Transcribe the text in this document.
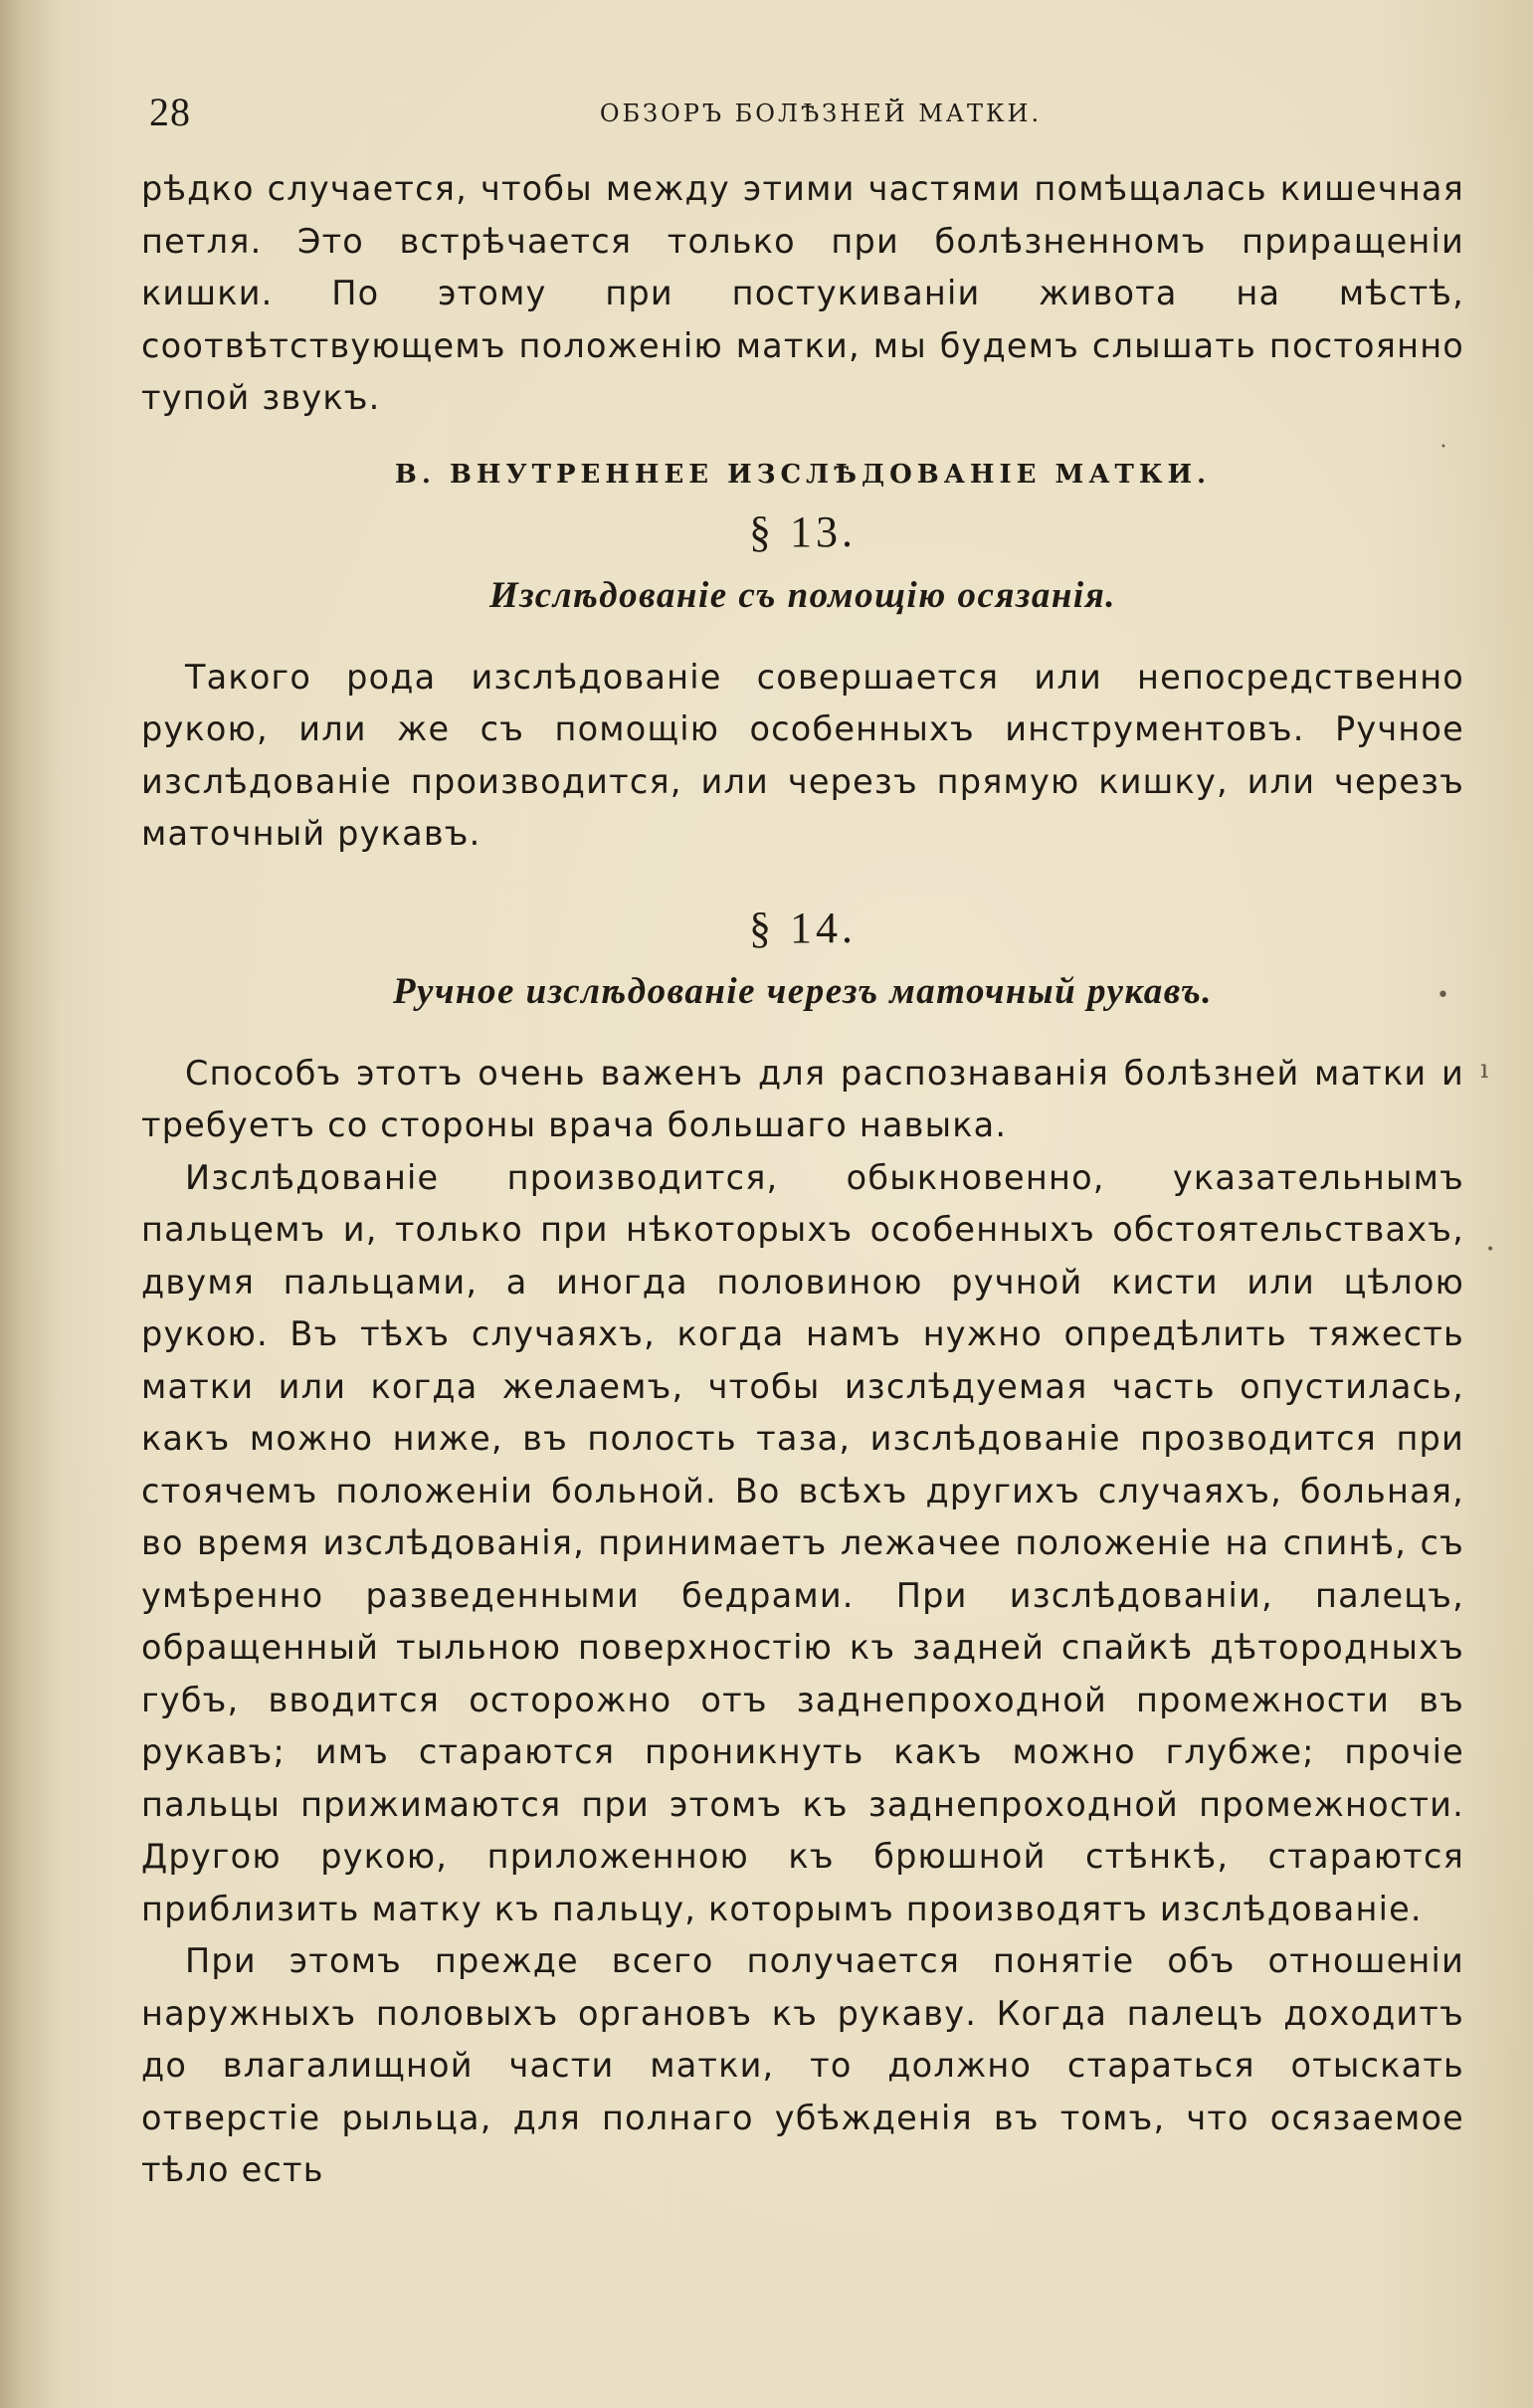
28	ОБЗОРЪ БОЛѢЗНЕЙ МАТКИ.

рѣдко случается, чтобы между этими частями помѣщалась кишечная петля. Это встрѣчается только при болѣзненномъ приращенiи кишки. По этому при постукиванiи живота на мѣстѣ, соотвѣтствующемъ положенiю матки, мы будемъ слышать постоянно тупой звукъ.

В. ВНУТРЕННЕЕ ИЗСЛѢДОВАНIЕ МАТКИ.

§ 13.

Изслѣдованiе съ помощiю осязанiя.

Такого рода изслѣдованiе совершается или непосредственно рукою, или же съ помощiю особенныхъ инструментовъ. Ручное изслѣдованiе производится, или черезъ прямую кишку, или черезъ маточный рукавъ.

§ 14.

Ручное изслѣдованiе черезъ маточный рукавъ.

Способъ этотъ очень важенъ для распознаванiя болѣзней матки и требуетъ со стороны врача большаго навыка.

Изслѣдованiе производится, обыкновенно, указательнымъ пальцемъ и, только при нѣкоторыхъ особенныхъ обстоятельствахъ, двумя пальцами, а иногда половиною ручной кисти или цѣлою рукою. Въ тѣхъ случаяхъ, когда намъ нужно опредѣлить тяжесть матки или когда желаемъ, чтобы изслѣдуемая часть опустилась, какъ можно ниже, въ полость таза, изслѣдованiе прозводится при стоячемъ положенiи больной. Во всѣхъ другихъ случаяхъ, больная, во время изслѣдованiя, принимаетъ лежачее положенiе на спинѣ, съ умѣренно разведенными бедрами. При изслѣдованiи, палецъ, обращенный тыльною поверхностiю къ задней спайкѣ дѣтородныхъ губъ, вводится осторожно отъ заднепроходной промежности въ рукавъ; имъ стараются проникнуть какъ можно глубже; прочiе пальцы прижимаются при этомъ къ заднепроходной промежности. Другою рукою, приложенною къ брюшной стѣнкѣ, стараются приблизить матку къ пальцу, которымъ производятъ изслѣдованiе.

При этомъ прежде всего получается понятiе объ отношенiи наружныхъ половыхъ органовъ къ рукаву. Когда палецъ доходитъ до влагалищной части матки, то должно стараться отыскать отверстiе рыльца, для полнаго убѣжденiя въ томъ, что осязаемое тѣло есть

•
•
ı
•
